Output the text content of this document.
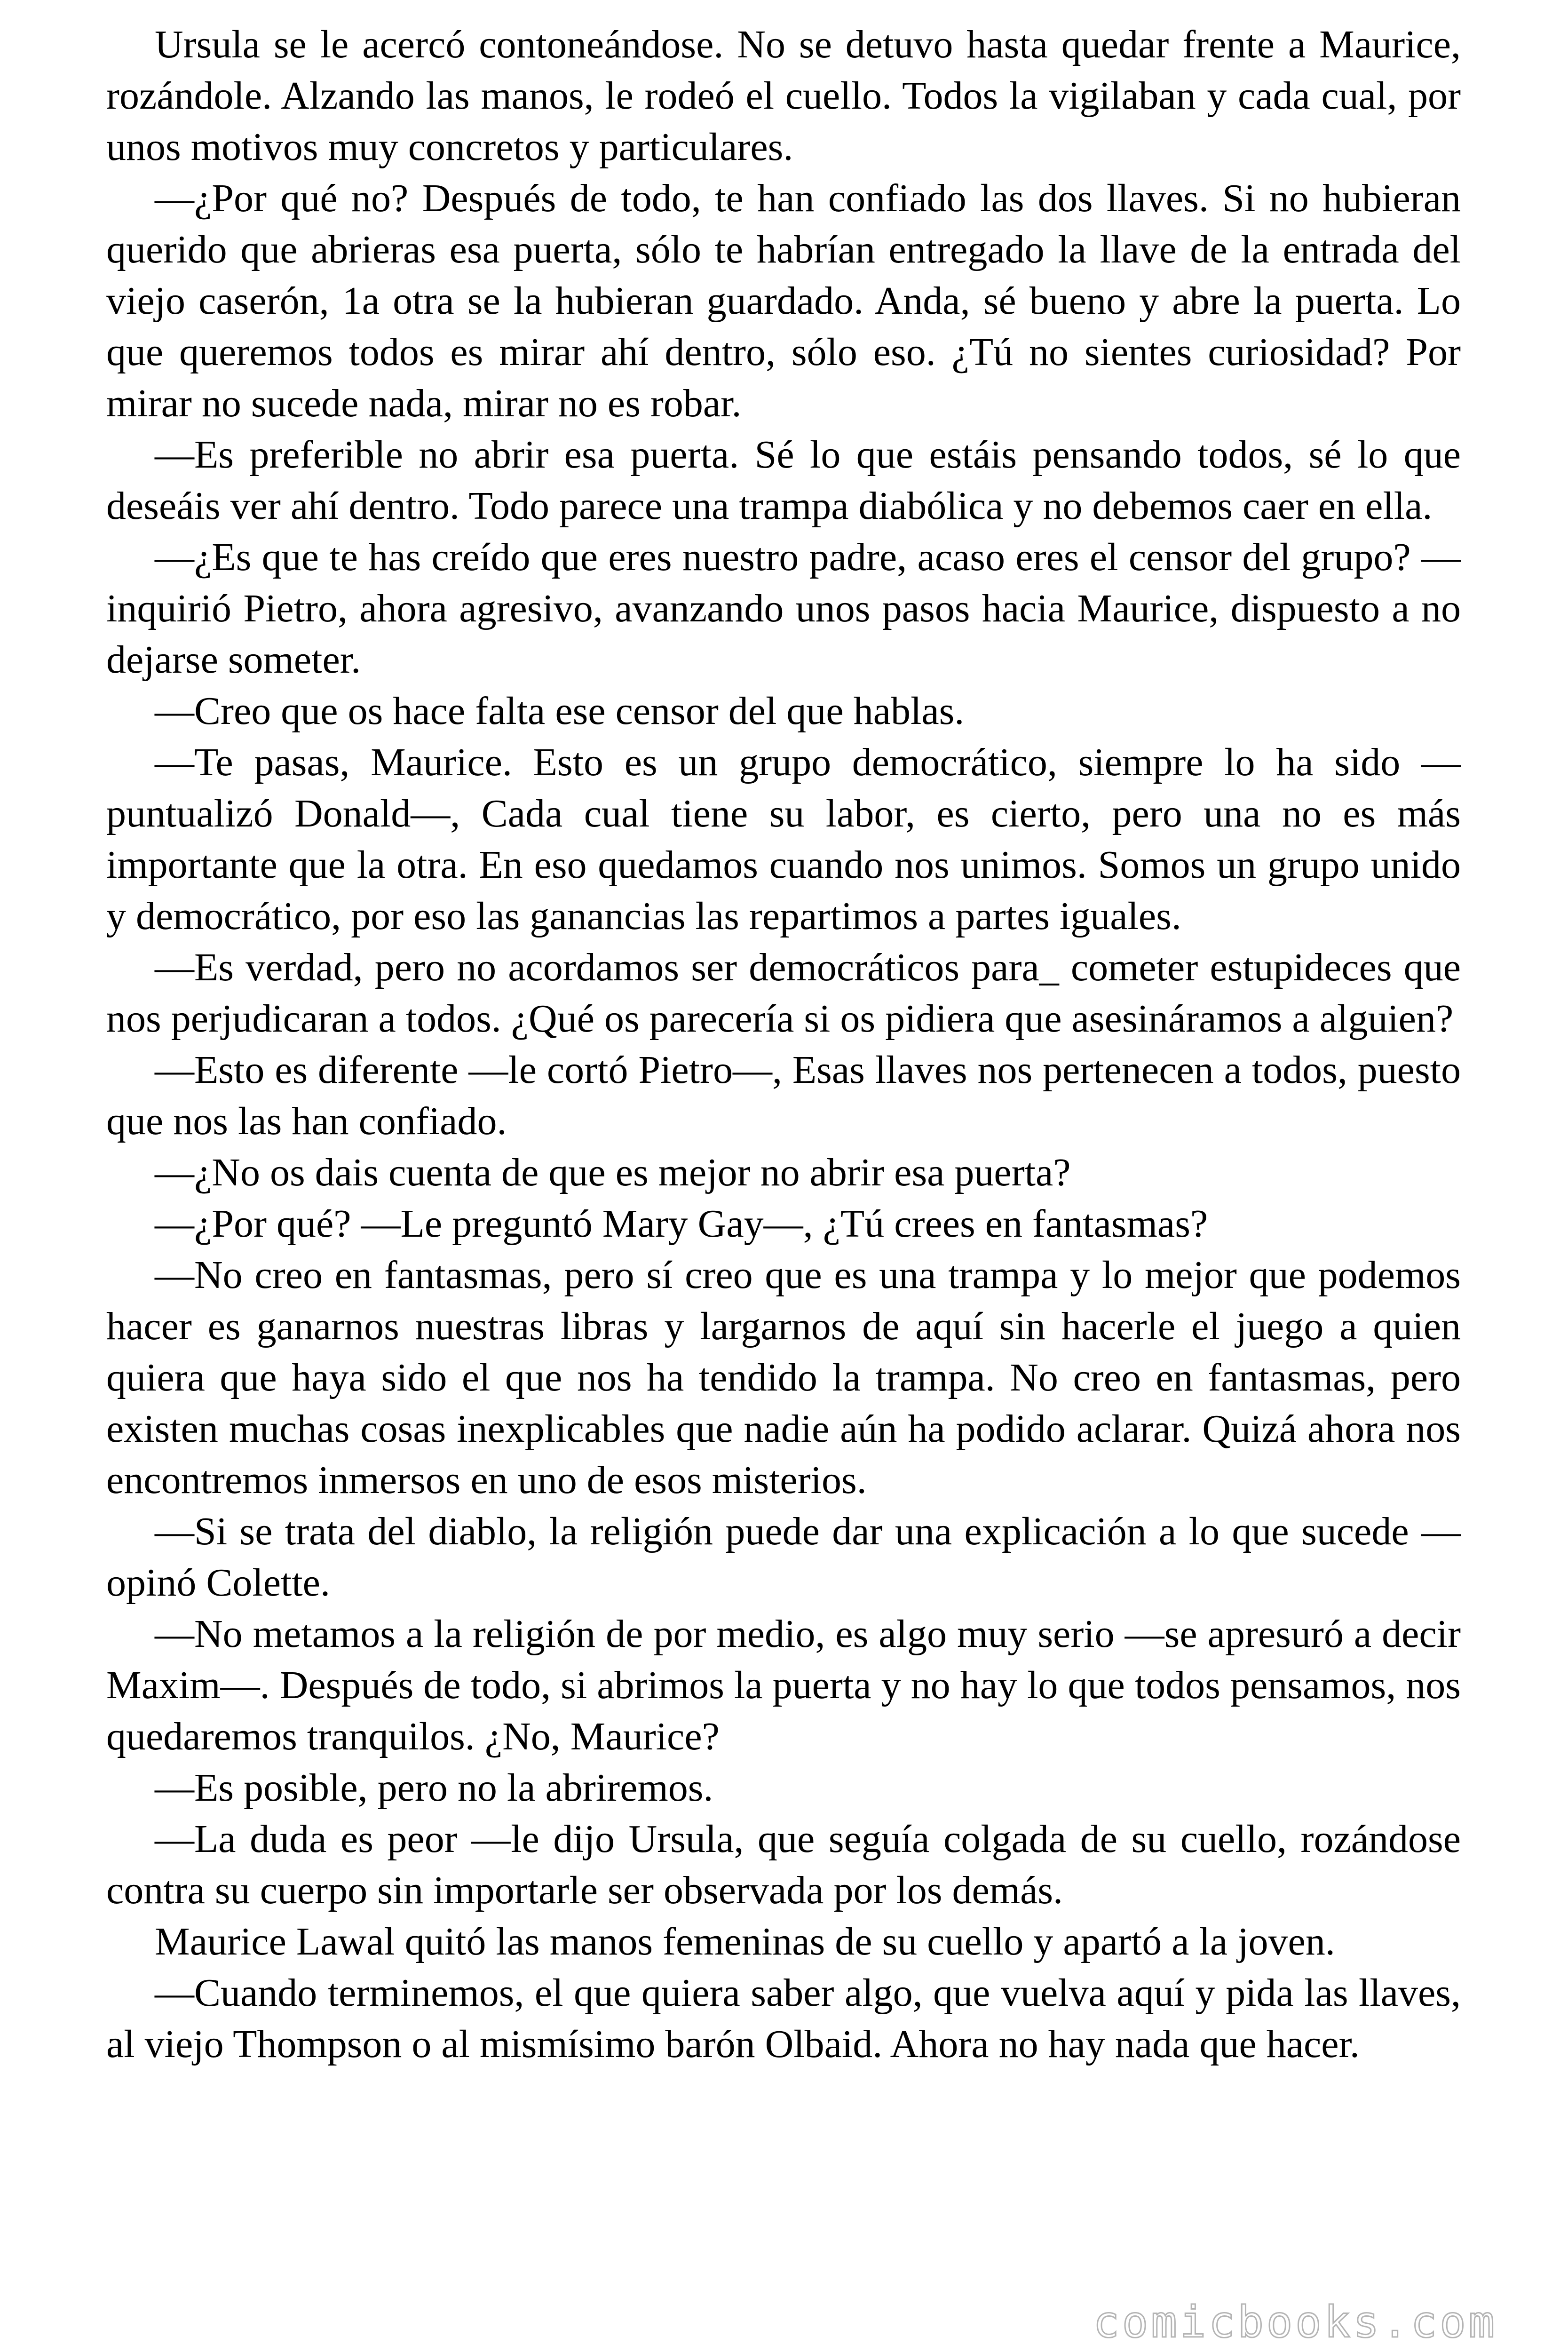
Ursula se le acercó contoneándose. No se detuvo hasta quedar frente a Maurice, rozándole. Alzando las manos, le rodeó el cuello. Todos la vigilaban y cada cual, por unos motivos muy concretos y particulares.

—¿Por qué no? Después de todo, te han confiado las dos llaves. Si no hubieran querido que abrieras esa puerta, sólo te habrían entregado la llave de la entrada del viejo caserón, 1a otra se la hubieran guardado. Anda, sé bueno y abre la puerta. Lo que queremos todos es mirar ahí dentro, sólo eso. ¿Tú no sientes curiosidad? Por mirar no sucede nada, mirar no es robar.

—Es preferible no abrir esa puerta. Sé lo que estáis pensando todos, sé lo que deseáis ver ahí dentro. Todo parece una trampa diabólica y no debemos caer en ella.

—¿Es que te has creído que eres nuestro padre, acaso eres el censor del grupo? —inquirió Pietro, ahora agresivo, avanzando unos pasos hacia Maurice, dispuesto a no dejarse someter.

—Creo que os hace falta ese censor del que hablas.

—Te pasas, Maurice. Esto es un grupo democrático, siempre lo ha sido — puntualizó Donald—, Cada cual tiene su labor, es cierto, pero una no es más importante que la otra. En eso quedamos cuando nos unimos. Somos un grupo unido y democrático, por eso las ganancias las repartimos a partes iguales.

—Es verdad, pero no acordamos ser democráticos para_ cometer estupideces que nos perjudicaran a todos. ¿Qué os parecería si os pidiera que asesináramos a alguien?

—Esto es diferente —le cortó Pietro—, Esas llaves nos pertenecen a todos, puesto que nos las han confiado.

—¿No os dais cuenta de que es mejor no abrir esa puerta?

—¿Por qué? —Le preguntó Mary Gay—, ¿Tú crees en fantasmas?

—No creo en fantasmas, pero sí creo que es una trampa y lo mejor que podemos hacer es ganarnos nuestras libras y largarnos de aquí sin hacerle el juego a quien quiera que haya sido el que nos ha tendido la trampa. No creo en fantasmas, pero existen muchas cosas inexplicables que nadie aún ha podido aclarar. Quizá ahora nos encontremos inmersos en uno de esos misterios.

—Si se trata del diablo, la religión puede dar una explicación a lo que sucede —opinó Colette.

—No metamos a la religión de por medio, es algo muy serio —se apresuró a decir Maxim—. Después de todo, si abrimos la puerta y no hay lo que todos pensamos, nos quedaremos tranquilos. ¿No, Maurice?

—Es posible, pero no la abriremos.

—La duda es peor —le dijo Ursula, que seguía colgada de su cuello, rozándose contra su cuerpo sin importarle ser observada por los demás.

Maurice Lawal quitó las manos femeninas de su cuello y apartó a la joven.

—Cuando terminemos, el que quiera saber algo, que vuelva aquí y pida las llaves, al viejo Thompson o al mismísimo barón Olbaid. Ahora no hay nada que hacer.

comicbooks.com
